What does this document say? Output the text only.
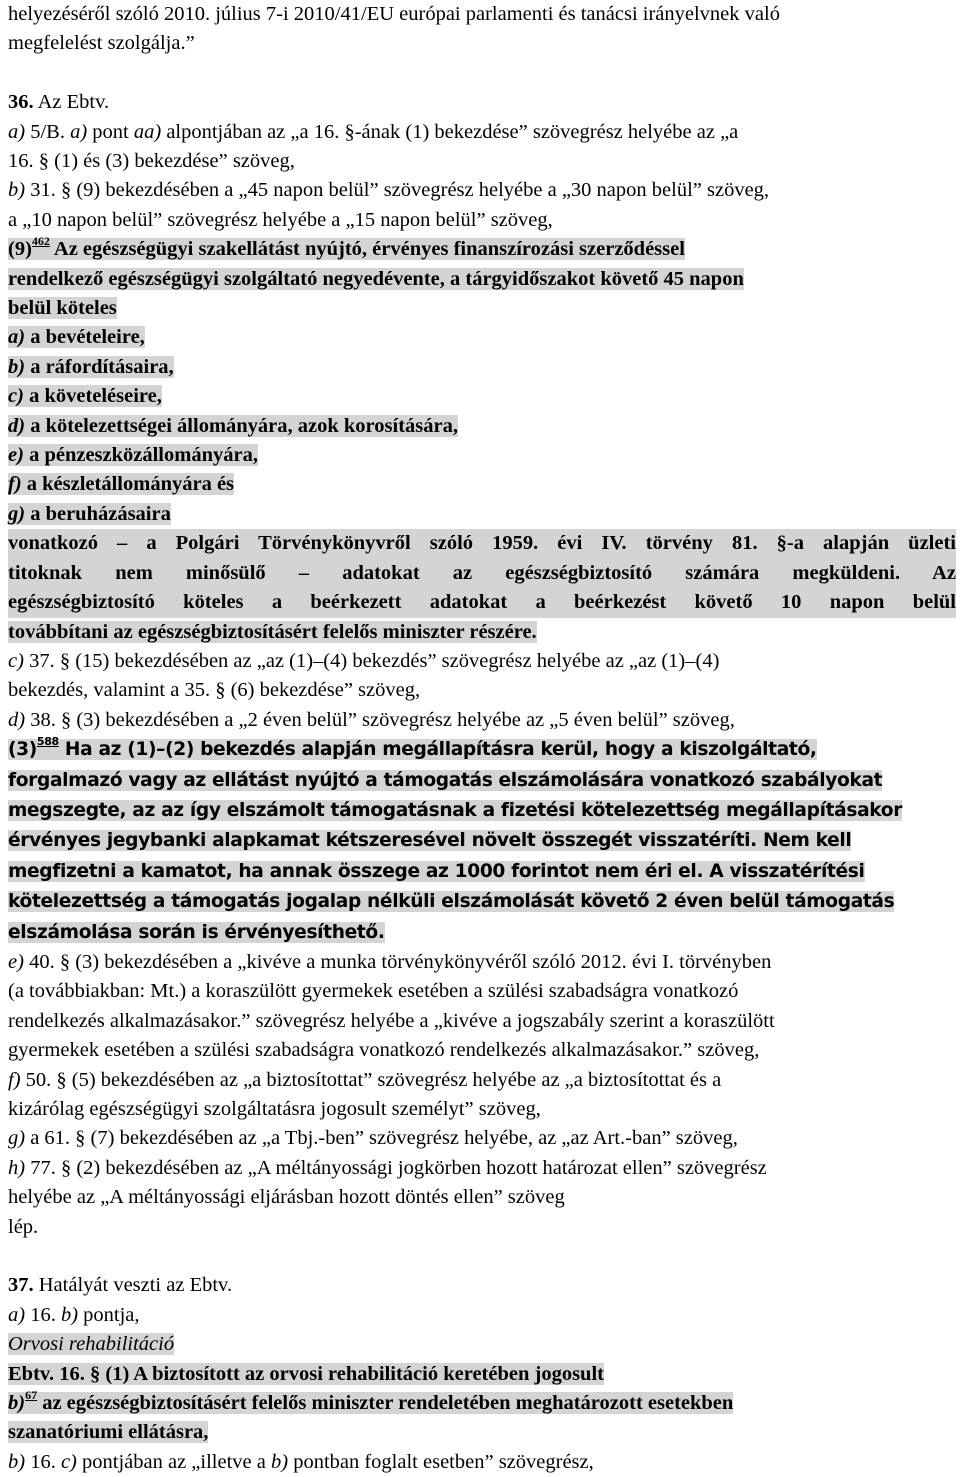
helyezéséről szóló 2010. július 7-i 2010/41/EU európai parlamenti és tanácsi irányelvnek való
megfelelést szolgálja.”
36. Az Ebtv.
a) 5/B. a) pont aa) alpontjában az „a 16. §-ának (1) bekezdése” szövegrész helyébe az „a
16. § (1) és (3) bekezdése” szöveg,
b) 31. § (9) bekezdésében a „45 napon belül” szövegrész helyébe a „30 napon belül” szöveg,
a „10 napon belül” szövegrész helyébe a „15 napon belül” szöveg,
$(9)^{462}$ Az egészségügyi szakellátást nyújtó, érvényes finanszírozási szerződéssel
rendelkező egészségügyi szolgáltató negyedévente, a tárgyidőszakot követő 45 napon
belül köteles
a) a bevételeire,
b) a ráfordításaira,
c) a követeléseire,
d) a kötelezettségei állományára, azok korosítására,
e) a pénzeszközállományára,
f) a készletállományára és
g) a beruházásaira
vonatkozó – a Polgári Törvénykönyvről szóló 1959. évi IV. törvény 81. §-a alapján üzleti
titoknak nem minősülő – adatokat az egészségbiztosító számára megküldeni. Az
egészségbiztosító köteles a beérkezett adatokat a beérkezést követő 10 napon belül
továbbítani az egészségbiztosításért felelős miniszter részére.
c) 37. § (15) bekezdésében az „az (1)–(4) bekezdés” szövegrész helyébe az „az (1)–(4)
bekezdés, valamint a 35. § (6) bekezdése” szöveg,
d) 38. § (3) bekezdésében a „2 éven belül” szövegrész helyébe az „5 éven belül” szöveg,
$(3)^{588}$ Ha az (1)–(2) bekezdés alapján megállapításra kerül, hogy a kiszolgáltató,
forgalmazó vagy az ellátást nyújtó a támogatás elszámolására vonatkozó szabályokat
megszegte, az az így elszámolt támogatásnak a fizetési kötelezettség megállapításakor
érvényes jegybanki alapkamat kétszeresével növelt összegét visszatéríti. Nem kell
megfizetni a kamatot, ha annak összege az 1000 forintot nem éri el. A visszatérítési
kötelezettség a támogatás jogalap nélküli elszámolását követő 2 éven belül támogatás
elszámolása során is érvényesíthető.
e) 40. § (3) bekezdésében a „kivéve a munka törvénykönyvéről szóló 2012. évi I. törvényben
(a továbbiakban: Mt.) a koraszülött gyermekek esetében a szülési szabadságra vonatkozó
rendelkezés alkalmazásakor.” szövegrész helyébe a „kivéve a jogszabály szerint a koraszülött
gyermekek esetében a szülési szabadságra vonatkozó rendelkezés alkalmazásakor.” szöveg,
f) 50. § (5) bekezdésében az „a biztosítottat” szövegrész helyébe az „a biztosítottat és a
kizárólag egészségügyi szolgáltatásra jogosult személyt” szöveg,
g) a 61. § (7) bekezdésében az „a Tbj.-ben” szövegrész helyébe, az „az Art.-ban” szöveg,
h) 77. § (2) bekezdésében az „A méltányossági jogkörben hozott határozat ellen” szövegrész
helyébe az „A méltányossági eljárásban hozott döntés ellen” szöveg
lép.
37. Hatályát veszti az Ebtv.
a) 16. b) pontja,
Orvosi rehabilitáció
Ebtv. 16. § (1) A biztosított az orvosi rehabilitáció keretében jogosult
b)$^{67}$ az egészségbiztosításért felelős miniszter rendeletében meghatározott esetekben
szanatóriumi ellátásra,
b) 16. c) pontjában az „illetve a b) pontban foglalt esetben” szövegrész,
